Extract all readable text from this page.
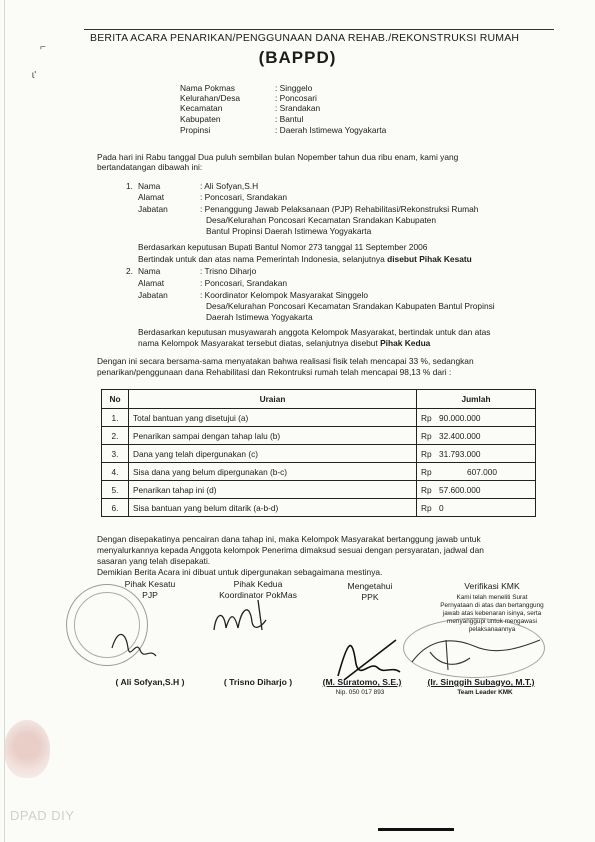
⌐
ɩ'
BERITA ACARA PENARIKAN/PENGGUNAAN DANA REHAB./REKONSTRUKSI RUMAH
(BAPPD)
Nama Pokmas	: Singgelo
Kelurahan/Desa	: Poncosari
Kecamatan	: Srandakan
Kabupaten	: Bantul
Propinsi	: Daerah Istimewa Yogyakarta
Pada hari ini Rabu tanggal Dua puluh sembilan bulan Nopember tahun dua ribu enam, kami yang
bertandatangan dibawah ini:
1. Nama	: Ali Sofyan,S.H
Alamat	: Poncosari, Srandakan
Jabatan	: Penanggung Jawab Pelaksanaan (PJP) Rehabilitasi/Rekonstruksi Rumah
Desa/Kelurahan Poncosari Kecamatan Srandakan Kabupaten
Bantul Propinsi Daerah Istimewa Yogyakarta
Berdasarkan keputusan Bupati Bantul Nomor 273 tanggal 11 September 2006
Bertindak untuk dan atas nama Pemerintah Indonesia, selanjutnya disebut Pihak Kesatu
2. Nama	: Trisno Diharjo
Alamat	: Poncosari, Srandakan
Jabatan	: Koordinator Kelompok Masyarakat Singgelo
Desa/Kelurahan Poncosari Kecamatan Srandakan Kabupaten Bantul Propinsi
Daerah Istimewa Yogyakarta
Berdasarkan keputusan musyawarah anggota Kelompok Masyarakat, bertindak untuk dan atas
nama Kelompok Masyarakat tersebut diatas, selanjutnya disebut Pihak Kedua
Dengan ini secara bersama-sama menyatakan bahwa realisasi fisik telah mencapai 33 %, sedangkan
penarikan/penggunaan dana Rehabilitasi dan Rekontruksi rumah telah mencapai 98,13 % dari :
No	Uraian	Jumlah
1.	Total bantuan yang disetujui (a)	Rp 90.000.000
2.	Penarikan sampai dengan tahap lalu (b)	Rp 32.400.000
3.	Dana yang telah dipergunakan (c)	Rp 31.793.000
4.	Sisa dana yang belum dipergunakan (b-c)	Rp 607.000
5.	Penarikan tahap ini (d)	Rp 57.600.000
6.	Sisa bantuan yang belum ditarik (a-b-d)	Rp 0
Dengan disepakatinya pencairan dana tahap ini, maka Kelompok Masyarakat bertanggung jawab untuk
menyalurkannya kepada Anggota kelompok Penerima dimaksud sesuai dengan persyaratan, jadwal dan
sasaran yang telah disepakati.
Demikian Berita Acara ini dibuat untuk dipergunakan sebagaimana mestinya.
Pihak Kesatu
PJP
Pihak Kedua
Koordinator PokMas
Mengetahui
PPK
Verifikasi KMK
Kami telah meneliti Surat
Pernyataan di atas dan bertanggung
jawab atas kebenaran isinya, serta
menyanggupi untuk mengawasi
pelaksanaannya
( Ali Sofyan,S.H )	( Trisno Diharjo )	(M. Suratomo, S.E.)
Nip. 050 017 893
(Ir. Singgih Subagyo, M.T.)
Team Leader KMK
DPAD DIY
